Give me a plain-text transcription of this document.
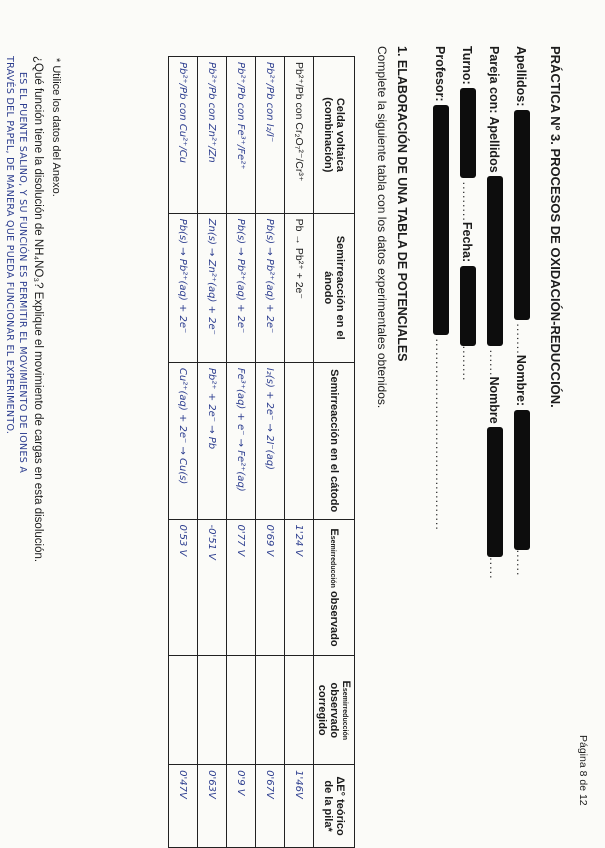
PRÁCTICA Nº 3. PROCESOS DE OXIDACIÓN-REDUCCIÓN.
Apellidos:  .......Nombre: ......
Pareja con: Apellidos  ......Nombre .....
Turno:  .........Fecha: ........
Profesor:  ...........................................
1. ELABORACIÓN DE UNA TABLA DE POTENCIALES
Complete la siguiente tabla con los datos experimentales obtenidos.
Celda voltaica (combinación)	Semirreacción en el ánodo	Semirreacción en el cátodo	Esemirreducción observado	Esemirreducción
observado corregido	ΔE° teórico de la pila*
Pb²⁺/Pb con Cr₂O₇²⁻/Cr³⁺	Pb → Pb²⁺ + 2e⁻		1'24 V		1'46V
Pb²⁺/Pb con I₂/I⁻	Pb(s) → Pb²⁺(aq) + 2e⁻	I₂(s) + 2e⁻ → 2I⁻(aq)	0'69 V		0'67V
Pb²⁺/Pb con Fe³⁺/Fe²⁺	Pb(s) → Pb²⁺(aq) + 2e⁻	Fe³⁺(aq) + e⁻ → Fe²⁺(aq)	0'77 V		0'9 V
Pb²⁺/Pb con Zn²⁺/Zn	Zn(s) → Zn²⁺(aq) + 2e⁻	Pb²⁺ + 2e⁻ → Pb	-0'51 V		0'63V
Pb²⁺/Pb con Cu²⁺/Cu	Pb(s) → Pb²⁺(aq) + 2e⁻	Cu²⁺(aq) + 2e⁻ → Cu(s)	0'53 V		0'47V
* Utilice los datos del Anexo.
¿Qué función tiene la disolución de NH₄NO₃? Explique el movimiento de cargas en esta disolución.
ES EL PUENTE SALINO, Y SU FUNCIÓN ES PERMITIR EL MOVIMIENTO DE IONES A
TRAVÉS DEL PAPEL, DE MANERA QUE PUEDA FUNCIONAR EL EXPERIMENTO.
Página 8 de 12
